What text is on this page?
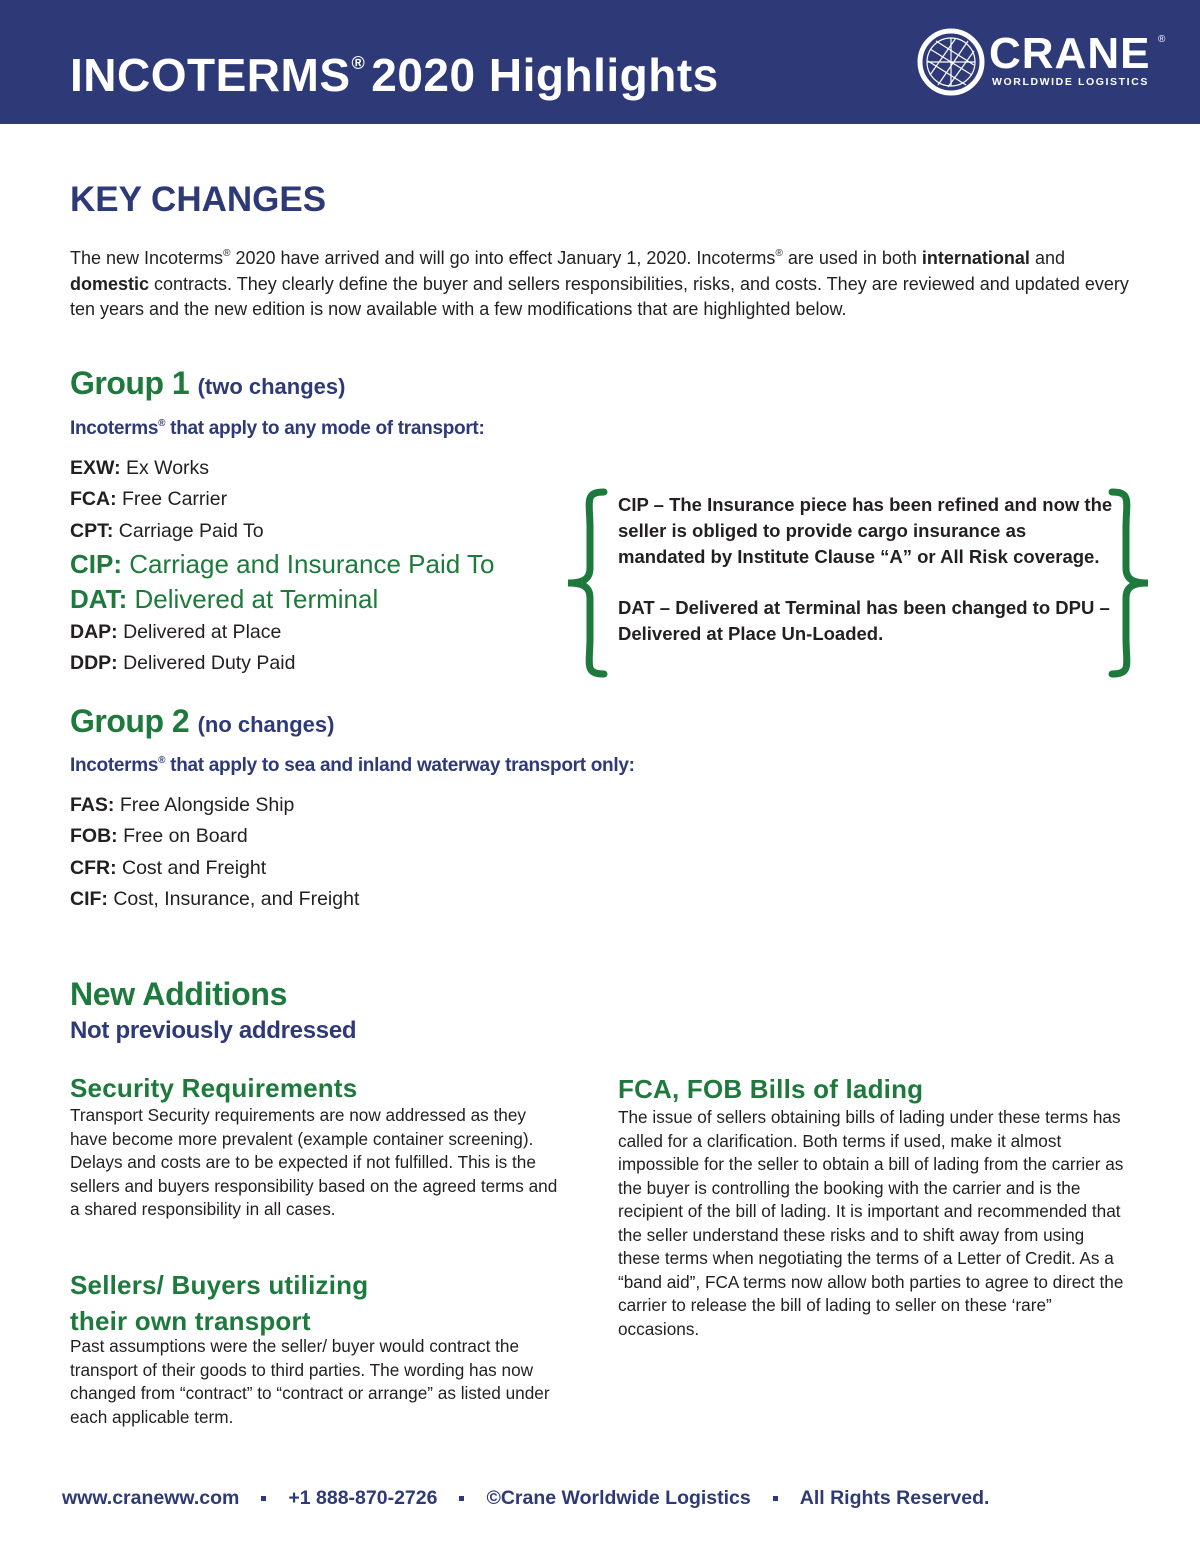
INCOTERMS® 2020 Highlights	CRANE ®
WORLDWIDE LOGISTICS
KEY CHANGES

The new Incoterms® 2020 have arrived and will go into effect January 1, 2020. Incoterms® are used in both international and domestic contracts. They clearly define the buyer and sellers responsibilities, risks, and costs. They are reviewed and updated every ten years and the new edition is now available with a few modifications that are highlighted below.

Group 1 (two changes)
Incoterms® that apply to any mode of transport:
EXW: Ex Works
FCA: Free Carrier
CPT: Carriage Paid To
CIP: Carriage and Insurance Paid To
DAT: Delivered at Terminal
DAP: Delivered at Place
DDP: Delivered Duty Paid

CIP – The Insurance piece has been refined and now the seller is obliged to provide cargo insurance as mandated by Institute Clause “A” or All Risk coverage.

DAT – Delivered at Terminal has been changed to DPU – Delivered at Place Un-Loaded.

Group 2 (no changes)
Incoterms® that apply to sea and inland waterway transport only:
FAS: Free Alongside Ship
FOB: Free on Board
CFR: Cost and Freight
CIF: Cost, Insurance, and Freight
New Additions
Not previously addressed
Security Requirements

Transport Security requirements are now addressed as they have become more prevalent (example container screening). Delays and costs are to be expected if not fulfilled. This is the sellers and buyers responsibility based on the agreed terms and a shared responsibility in all cases.

Sellers/ Buyers utilizing
their own transport

Past assumptions were the seller/ buyer would contract the transport of their goods to third parties. The wording has now changed from “contract” to “contract or arrange” as listed under each applicable term.

FCA, FOB Bills of lading

The issue of sellers obtaining bills of lading under these terms has called for a clarification. Both terms if used, make it almost impossible for the seller to obtain a bill of lading from the carrier as the buyer is controlling the booking with the carrier and is the recipient of the bill of lading. It is important and recommended that the seller understand these risks and to shift away from using these terms when negotiating the terms of a Letter of Credit. As a “band aid”, FCA terms now allow both parties to agree to direct the carrier to release the bill of lading to seller on these ‘rare” occasions.

www.craneww.com	+1 888-870-2726	©Crane Worldwide Logistics	All Rights Reserved.
